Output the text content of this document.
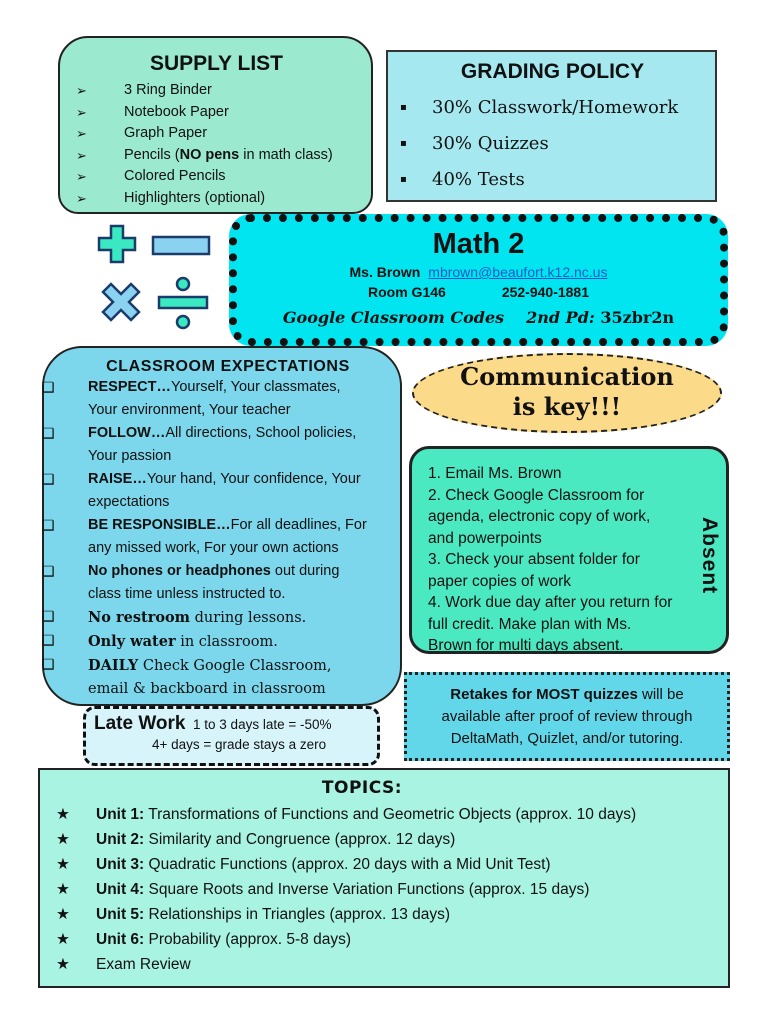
SUPPLY LIST
➢	3 Ring Binder
➢	Notebook Paper
➢	Graph Paper
➢	Pencils (NO pens in math class)
➢	Colored Pencils
➢	Highlighters (optional)
GRADING POLICY
▪	30% Classwork/Homework
▪	30% Quizzes
▪	40% Tests
Math 2
Ms. Brown mbrown@beaufort.k12.nc.us
Room G146	252-940-1881
Google Classroom Codes 2nd Pd: 35zbr2n
CLASSROOM EXPECTATIONS
❑	RESPECT…Yourself, Your classmates,
Your environment, Your teacher
❑	FOLLOW…All directions, School policies,
Your passion
❑	RAISE…Your hand, Your confidence, Your
expectations
❑	BE RESPONSIBLE…For all deadlines, For
any missed work, For your own actions
❑	No phones or headphones out during
class time unless instructed to.
❑	No restroom during lessons.
❑	Only water in classroom.
❑	DAILY Check Google Classroom,
email & backboard in classroom
Communication
is key!!!
1. Email Ms. Brown
2. Check Google Classroom for
agenda, electronic copy of work,
and powerpoints
3. Check your absent folder for
paper copies of work
4. Work due day after you return for
full credit. Make plan with Ms.
Brown for multi days absent.
Absent
Retakes for MOST quizzes will be
available after proof of review through
DeltaMath, Quizlet, and/or tutoring.
Late Work 1 to 3 days late = -50%
4+ days = grade stays a zero
TOPICS:
★	Unit 1: Transformations of Functions and Geometric Objects (approx. 10 days)
★	Unit 2: Similarity and Congruence (approx. 12 days)
★	Unit 3: Quadratic Functions (approx. 20 days with a Mid Unit Test)
★	Unit 4: Square Roots and Inverse Variation Functions (approx. 15 days)
★	Unit 5: Relationships in Triangles (approx. 13 days)
★	Unit 6: Probability (approx. 5-8 days)
★	Exam Review
